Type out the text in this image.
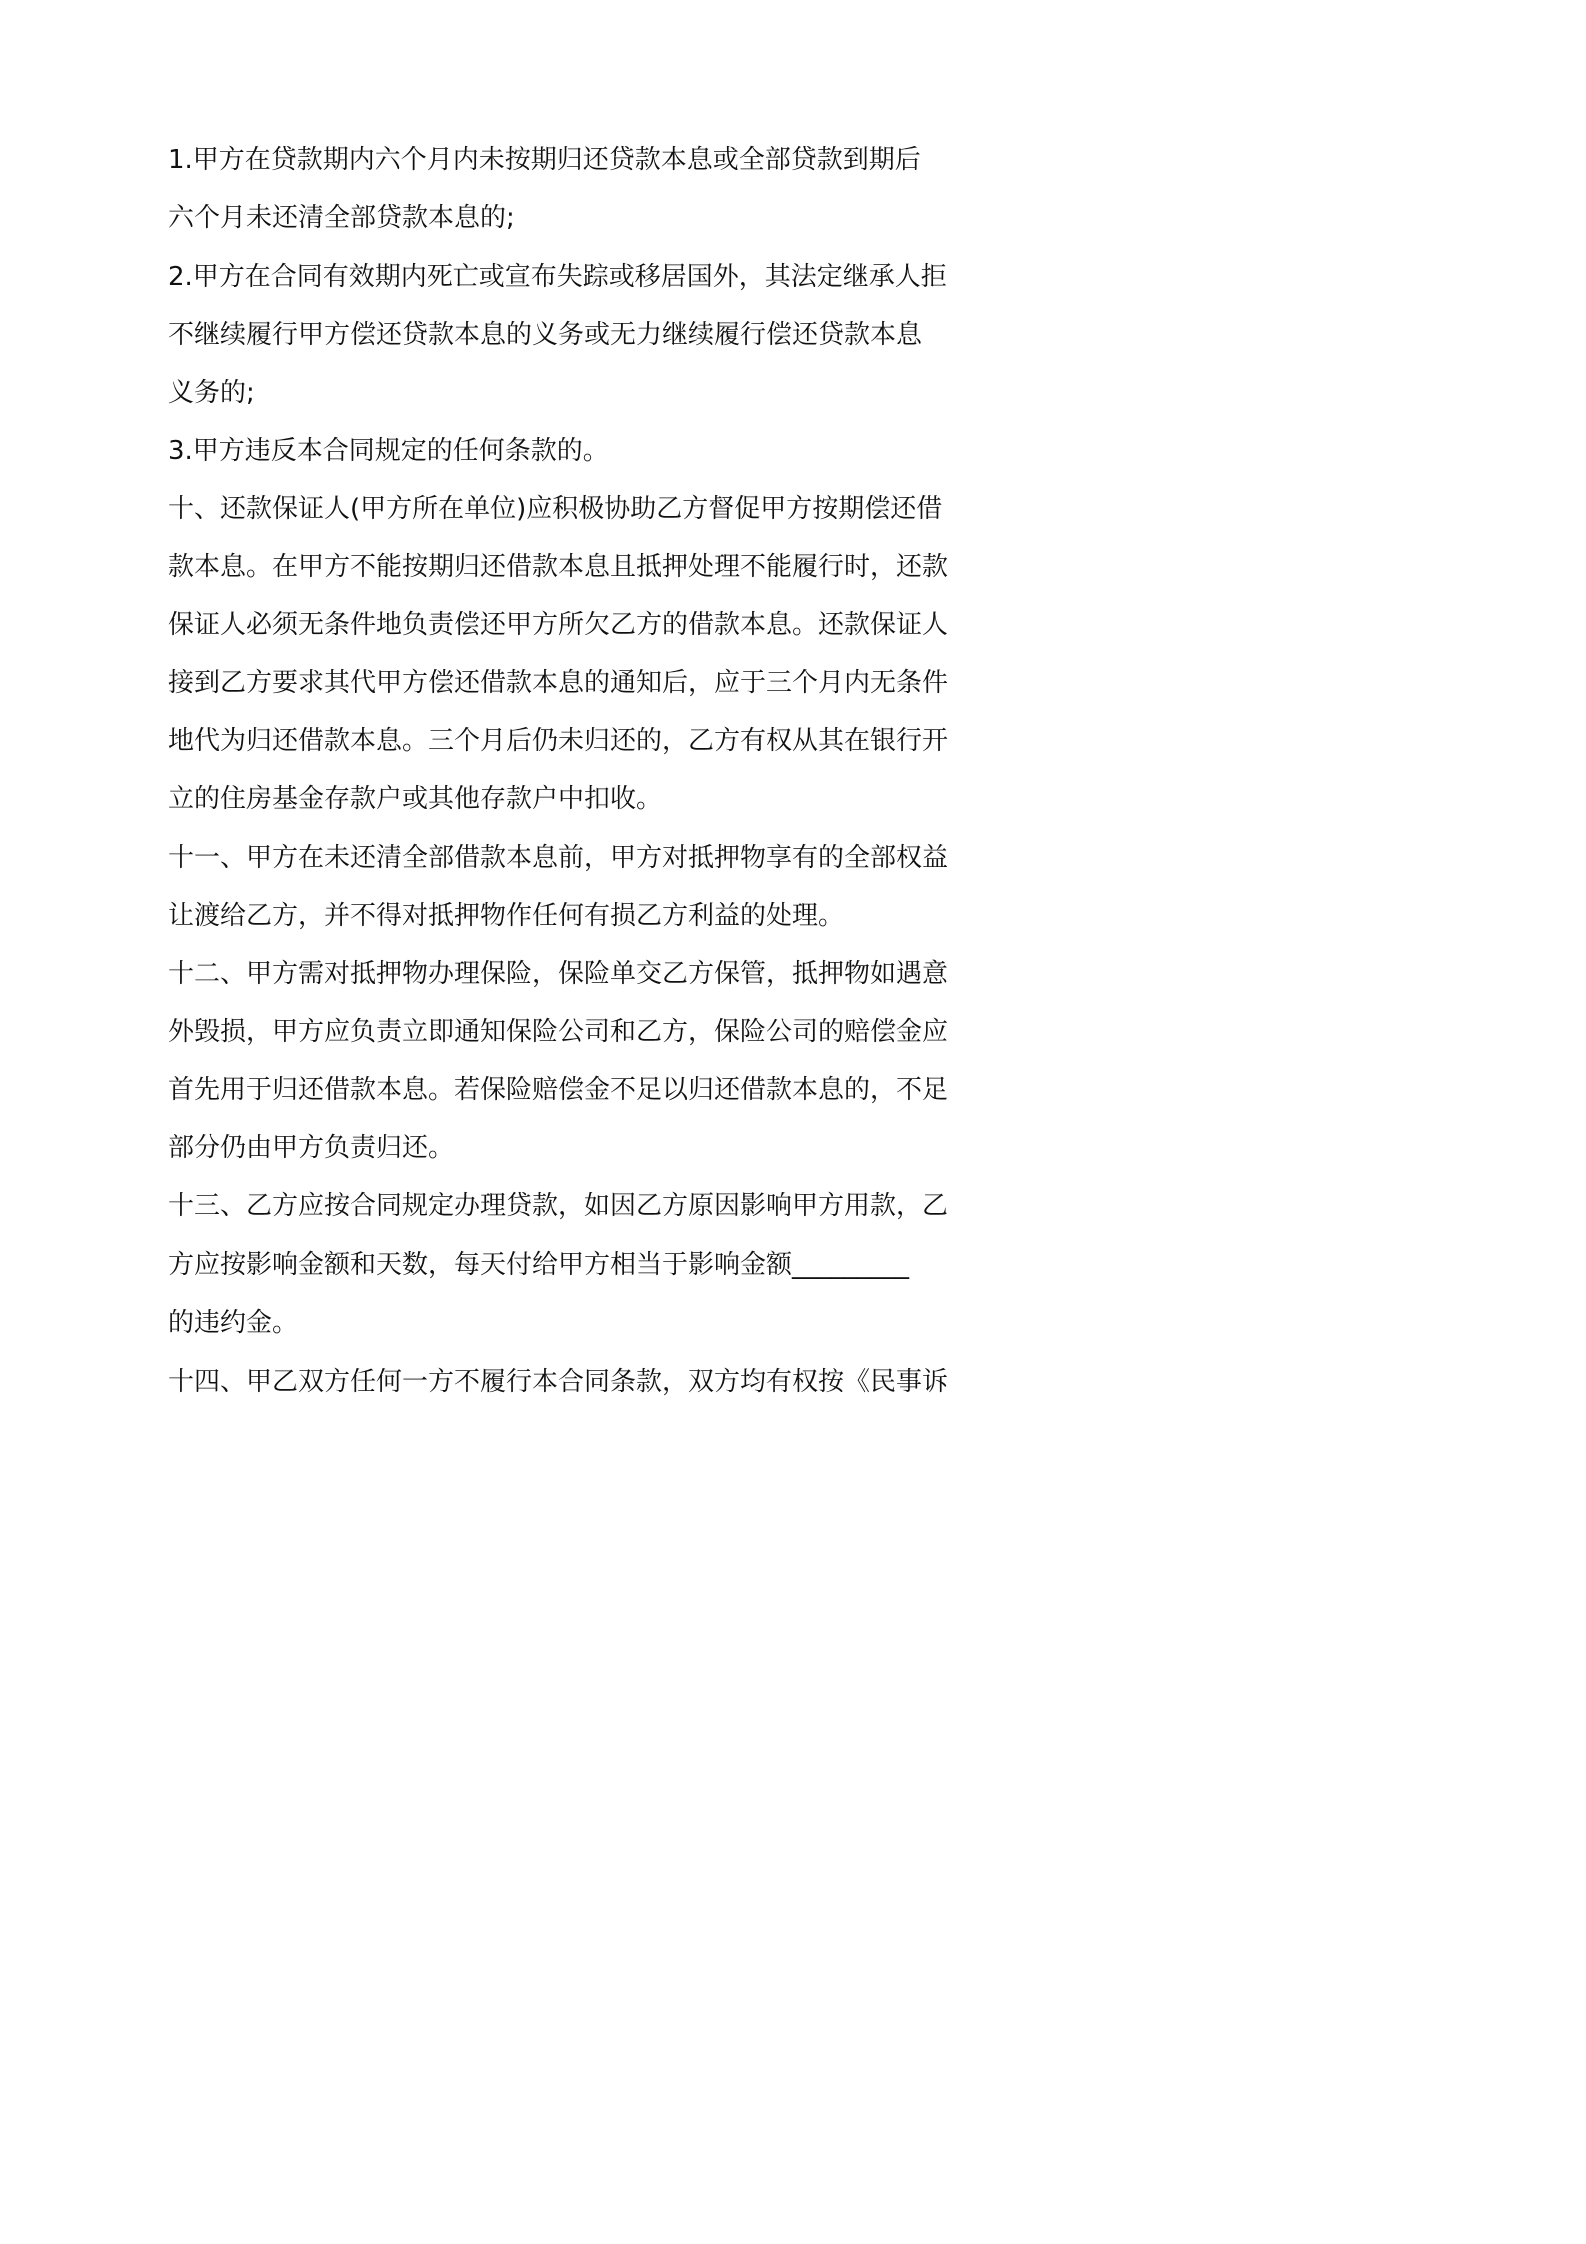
1.甲方在贷款期内六个月内未按期归还贷款本息或全部贷款到期后
六个月未还清全部贷款本息的;
2.甲方在合同有效期内死亡或宣布失踪或移居国外，其法定继承人拒
不继续履行甲方偿还贷款本息的义务或无力继续履行偿还贷款本息
义务的;
3.甲方违反本合同规定的任何条款的。
十、还款保证人(甲方所在单位)应积极协助乙方督促甲方按期偿还借
款本息。在甲方不能按期归还借款本息且抵押处理不能履行时，还款
保证人必须无条件地负责偿还甲方所欠乙方的借款本息。还款保证人
接到乙方要求其代甲方偿还借款本息的通知后，应于三个月内无条件
地代为归还借款本息。三个月后仍未归还的，乙方有权从其在银行开
立的住房基金存款户或其他存款户中扣收。
十一、甲方在未还清全部借款本息前，甲方对抵押物享有的全部权益
让渡给乙方，并不得对抵押物作任何有损乙方利益的处理。
十二、甲方需对抵押物办理保险，保险单交乙方保管，抵押物如遇意
外毁损，甲方应负责立即通知保险公司和乙方，保险公司的赔偿金应
首先用于归还借款本息。若保险赔偿金不足以归还借款本息的，不足
部分仍由甲方负责归还。
十三、乙方应按合同规定办理贷款，如因乙方原因影响甲方用款，乙
方应按影响金额和天数，每天付给甲方相当于影响金额_________
的违约金。
十四、甲乙双方任何一方不履行本合同条款，双方均有权按《民事诉
